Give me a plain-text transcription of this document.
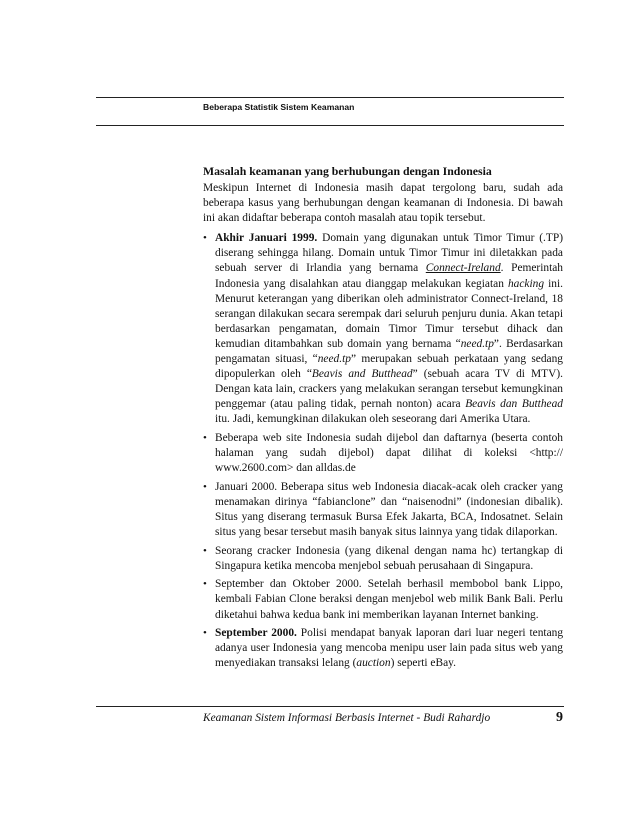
Beberapa Statistik Sistem Keamanan

Masalah keamanan yang berhubungan dengan Indonesia

Meskipun Internet di Indonesia masih dapat tergolong baru, sudah ada beberapa kasus yang berhubungan dengan keamanan di Indonesia. Di bawah ini akan didaftar beberapa contoh masalah atau topik tersebut.

• Akhir Januari 1999. Domain yang digunakan untuk Timor Timur (.TP) diserang sehingga hilang. Domain untuk Timor Timur ini diletakkan pada sebuah server di Irlandia yang bernama Connect-Ireland. Pemerintah Indonesia yang disalahkan atau dianggap melakukan kegiatan hacking ini. Menurut keterangan yang diberikan oleh administrator Connect-Ireland, 18 serangan dilakukan secara serempak dari seluruh penjuru dunia. Akan tetapi berdasarkan pengamatan, domain Timor Timur tersebut dihack dan kemudian ditambahkan sub domain yang bernama “need.tp”. Berdasarkan pengamatan situasi, “need.tp” merupakan sebuah perkataan yang sedang dipopulerkan oleh “Beavis and Butthead” (sebuah acara TV di MTV). Dengan kata lain, crackers yang melakukan serangan tersebut kemungkinan penggemar (atau paling tidak, pernah nonton) acara Beavis dan Butthead itu. Jadi, kemungkinan dilakukan oleh seseorang dari Amerika Utara.
• Beberapa web site Indonesia sudah dijebol dan daftarnya (beserta contoh halaman yang sudah dijebol) dapat dilihat di koleksi <http:// www.2600.com> dan alldas.de
• Januari 2000. Beberapa situs web Indonesia diacak-acak oleh cracker yang menamakan dirinya “fabianclone” dan “naisenodni” (indonesian dibalik). Situs yang diserang termasuk Bursa Efek Jakarta, BCA, Indosatnet. Selain situs yang besar tersebut masih banyak situs lainnya yang tidak dilaporkan.
• Seorang cracker Indonesia (yang dikenal dengan nama hc) tertangkap di Singapura ketika mencoba menjebol sebuah perusahaan di Singapura.
• September dan Oktober 2000. Setelah berhasil membobol bank Lippo, kembali Fabian Clone beraksi dengan menjebol web milik Bank Bali. Perlu diketahui bahwa kedua bank ini memberikan layanan Internet banking.
• September 2000. Polisi mendapat banyak laporan dari luar negeri tentang adanya user Indonesia yang mencoba menipu user lain pada situs web yang menyediakan transaksi lelang (auction) seperti eBay.
Keamanan Sistem Informasi Berbasis Internet - Budi Rahardjo	9
